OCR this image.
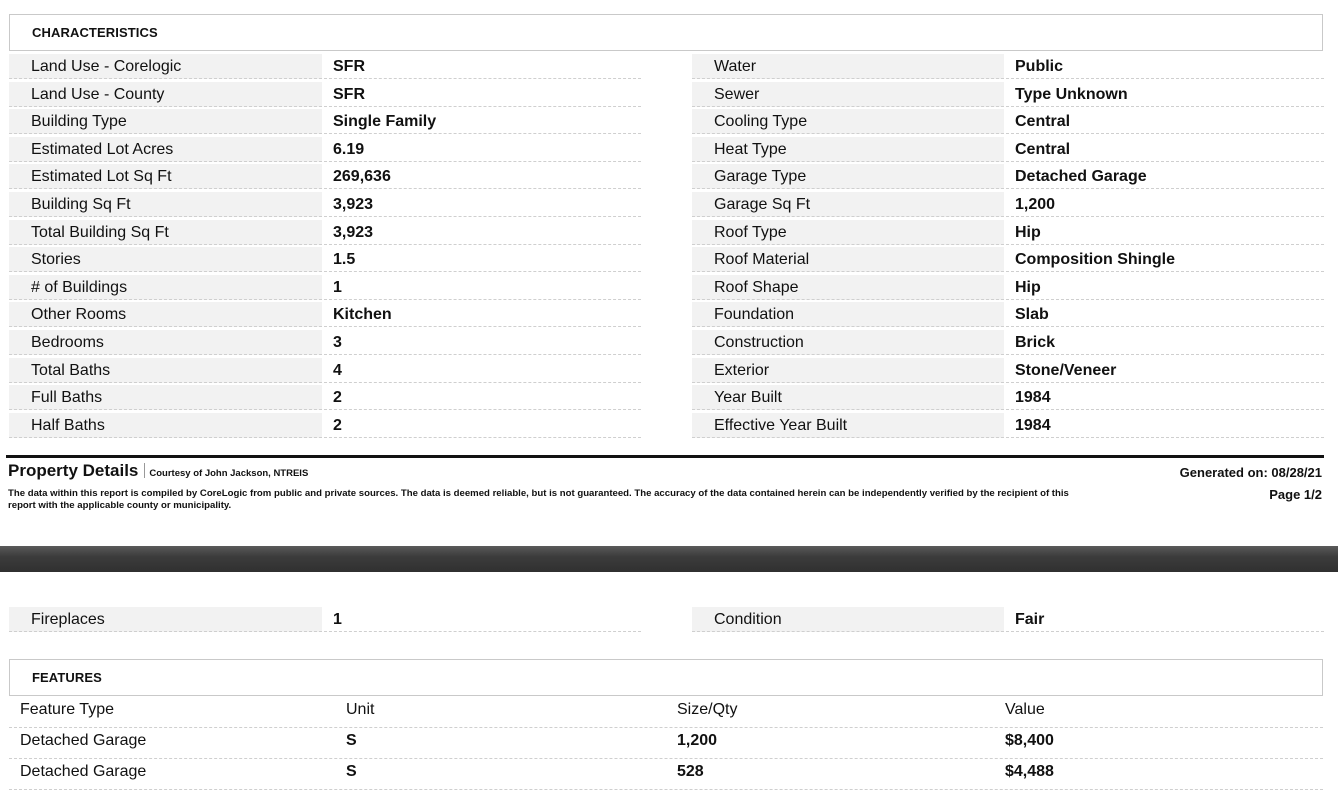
CHARACTERISTICS
Land Use - Corelogic	SFR	Water	Public
Land Use - County	SFR	Sewer	Type Unknown
Building Type	Single Family	Cooling Type	Central
Estimated Lot Acres	6.19	Heat Type	Central
Estimated Lot Sq Ft	269,636	Garage Type	Detached Garage
Building Sq Ft	3,923	Garage Sq Ft	1,200
Total Building Sq Ft	3,923	Roof Type	Hip
Stories	1.5	Roof Material	Composition Shingle
# of Buildings	1	Roof Shape	Hip
Other Rooms	Kitchen	Foundation	Slab
Bedrooms	3	Construction	Brick
Total Baths	4	Exterior	Stone/Veneer
Full Baths	2	Year Built	1984
Half Baths	2	Effective Year Built	1984
Property Details Courtesy of John Jackson, NTREIS	Generated on: 08/28/21
Page 1/2
The data within this report is compiled by CoreLogic from public and private sources. The data is deemed reliable, but is not guaranteed. The accuracy of the data contained herein can be independently verified by the recipient of this report with the applicable county or municipality.
Fireplaces	1	Condition	Fair
FEATURES
Feature Type	Unit	Size/Qty	Value
Detached Garage	S	1,200	$8,400
Detached Garage	S	528	$4,488
